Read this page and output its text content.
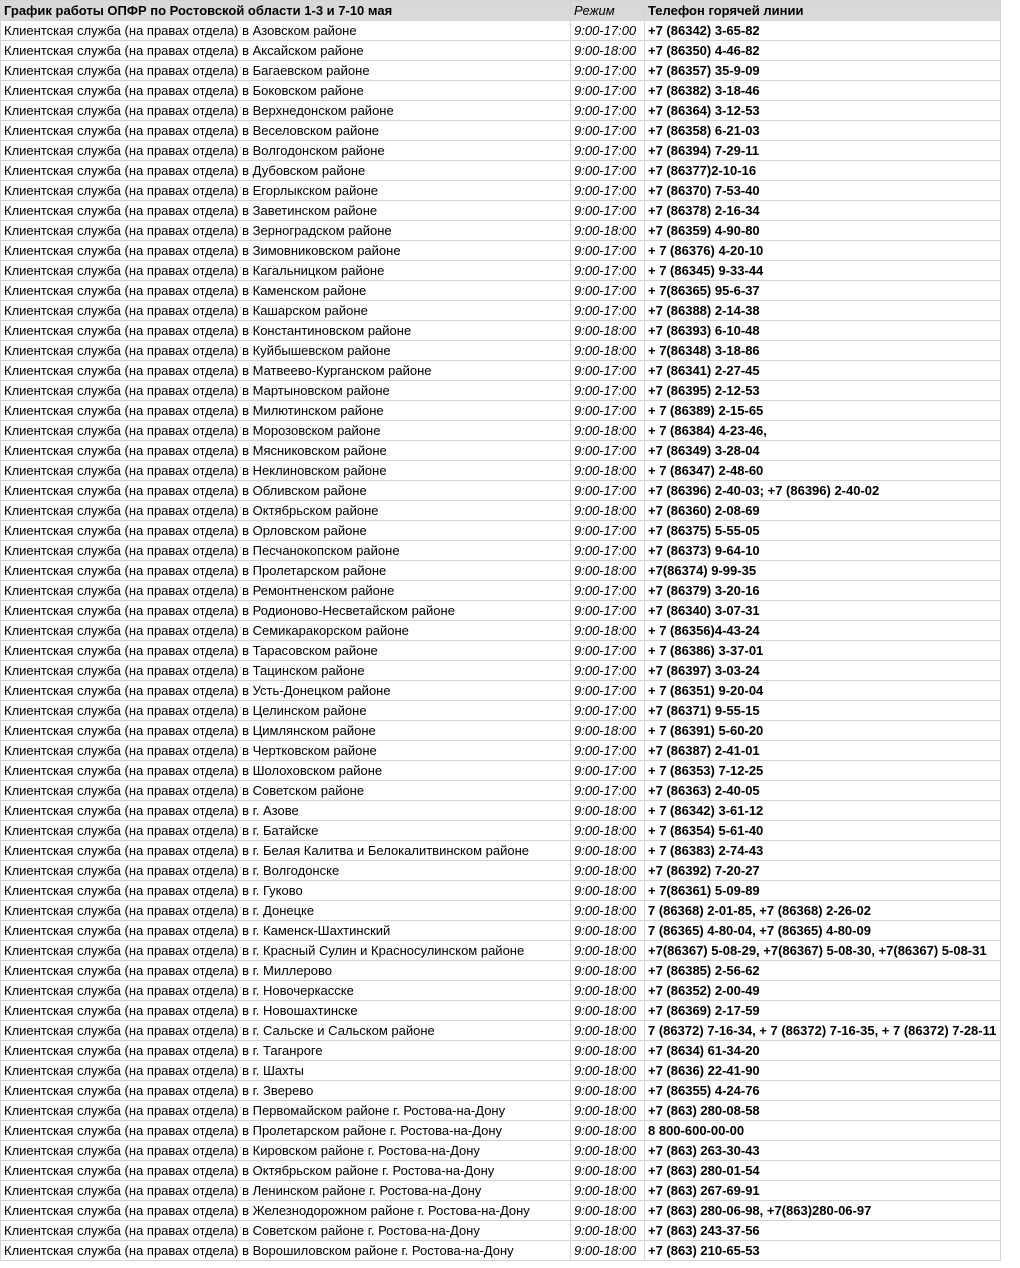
График работы ОПФР по Ростовской области 1-3 и 7-10 мая	Режим	Телефон горячей линии
Клиентская служба (на правах отдела) в Азовском районе	9:00-17:00	+7 (86342) 3-65-82
Клиентская служба (на правах отдела) в Аксайском районе	9:00-18:00	+7 (86350) 4-46-82
Клиентская служба (на правах отдела) в Багаевском районе	9:00-17:00	+7 (86357) 35-9-09
Клиентская служба (на правах отдела) в Боковском районе	9:00-17:00	+7 (86382) 3-18-46
Клиентская служба (на правах отдела) в Верхнедонском районе	9:00-17:00	+7 (86364) 3-12-53
Клиентская служба (на правах отдела) в Веселовском районе	9:00-17:00	+7 (86358) 6-21-03
Клиентская служба (на правах отдела) в Волгодонском районе	9:00-17:00	+7 (86394) 7-29-11
Клиентская служба (на правах отдела) в Дубовском районе	9:00-17:00	+7 (86377)2-10-16
Клиентская служба (на правах отдела) в Егорлыкском районе	9:00-17:00	+7 (86370) 7-53-40
Клиентская служба (на правах отдела) в Заветинском районе	9:00-17:00	+7 (86378) 2-16-34
Клиентская служба (на правах отдела) в Зерноградском районе	9:00-18:00	+7 (86359) 4-90-80
Клиентская служба (на правах отдела) в Зимовниковском районе	9:00-17:00	+ 7 (86376) 4-20-10
Клиентская служба (на правах отдела) в Кагальницком районе	9:00-17:00	+ 7 (86345) 9-33-44
Клиентская служба (на правах отдела) в Каменском районе	9:00-17:00	+ 7(86365) 95-6-37
Клиентская служба (на правах отдела) в Кашарском районе	9:00-17:00	+7 (86388) 2-14-38
Клиентская служба (на правах отдела) в Константиновском районе	9:00-18:00	+7 (86393) 6-10-48
Клиентская служба (на правах отдела) в Куйбышевском районе	9:00-18:00	+ 7(86348) 3-18-86
Клиентская служба (на правах отдела) в Матвеево-Курганском районе	9:00-17:00	+7 (86341) 2-27-45
Клиентская служба (на правах отдела) в Мартыновском районе	9:00-17:00	+7 (86395) 2-12-53
Клиентская служба (на правах отдела) в Милютинском районе	9:00-17:00	+ 7 (86389) 2-15-65
Клиентская служба (на правах отдела) в Морозовском районе	9:00-18:00	+ 7 (86384) 4-23-46,
Клиентская служба (на правах отдела) в Мясниковском районе	9:00-17:00	+7 (86349) 3-28-04
Клиентская служба (на правах отдела) в Неклиновском районе	9:00-18:00	+ 7 (86347) 2-48-60
Клиентская служба (на правах отдела) в Обливском районе	9:00-17:00	+7 (86396) 2-40-03; +7 (86396) 2-40-02
Клиентская служба (на правах отдела) в Октябрьском районе	9:00-18:00	+7 (86360) 2-08-69
Клиентская служба (на правах отдела) в Орловском районе	9:00-17:00	+7 (86375) 5-55-05
Клиентская служба (на правах отдела) в Песчанокопском районе	9:00-17:00	+7 (86373) 9-64-10
Клиентская служба (на правах отдела) в Пролетарском районе	9:00-18:00	+7(86374) 9-99-35
Клиентская служба (на правах отдела) в Ремонтненском районе	9:00-17:00	+7 (86379) 3-20-16
Клиентская служба (на правах отдела) в Родионово-Несветайском районе	9:00-17:00	+7 (86340) 3-07-31
Клиентская служба (на правах отдела) в Семикаракорском районе	9:00-18:00	+ 7 (86356)4-43-24
Клиентская служба (на правах отдела) в Тарасовском районе	9:00-17:00	+ 7 (86386) 3-37-01
Клиентская служба (на правах отдела) в Тацинском районе	9:00-17:00	+7 (86397) 3-03-24
Клиентская служба (на правах отдела) в Усть-Донецком районе	9:00-17:00	+ 7 (86351) 9-20-04
Клиентская служба (на правах отдела) в Целинском районе	9:00-17:00	+7 (86371) 9-55-15
Клиентская служба (на правах отдела) в Цимлянском районе	9:00-18:00	+ 7 (86391) 5-60-20
Клиентская служба (на правах отдела) в Чертковском районе	9:00-17:00	+7 (86387) 2-41-01
Клиентская служба (на правах отдела) в Шолоховском районе	9:00-17:00	+ 7 (86353) 7-12-25
Клиентская служба (на правах отдела) в Советском районе	9:00-17:00	+7 (86363) 2-40-05
Клиентская служба (на правах отдела) в г. Азове	9:00-18:00	+ 7 (86342) 3-61-12
Клиентская служба (на правах отдела) в г. Батайске	9:00-18:00	+ 7 (86354) 5-61-40
Клиентская служба (на правах отдела) в г. Белая Калитва и Белокалитвинском районе	9:00-18:00	+ 7 (86383) 2-74-43
Клиентская служба (на правах отдела) в г. Волгодонске	9:00-18:00	+7 (86392) 7-20-27
Клиентская служба (на правах отдела) в г. Гуково	9:00-18:00	+ 7(86361) 5-09-89
Клиентская служба (на правах отдела) в г. Донецке	9:00-18:00	7 (86368) 2-01-85, +7 (86368) 2-26-02
Клиентская служба (на правах отдела) в г. Каменск-Шахтинский	9:00-18:00	7 (86365) 4-80-04, +7 (86365) 4-80-09
Клиентская служба (на правах отдела) в г. Красный Сулин и Красносулинском районе	9:00-18:00	+7(86367) 5-08-29, +7(86367) 5-08-30, +7(86367) 5-08-31
Клиентская служба (на правах отдела) в г. Миллерово	9:00-18:00	+7 (86385) 2-56-62
Клиентская служба (на правах отдела) в г. Новочеркасске	9:00-18:00	+7 (86352) 2-00-49
Клиентская служба (на правах отдела) в г. Новошахтинске	9:00-18:00	+7 (86369) 2-17-59
Клиентская служба (на правах отдела) в г. Сальске и Сальском районе	9:00-18:00	7 (86372) 7-16-34, + 7 (86372) 7-16-35, + 7 (86372) 7-28-11
Клиентская служба (на правах отдела) в г. Таганроге	9:00-18:00	+7 (8634) 61-34-20
Клиентская служба (на правах отдела) в г. Шахты	9:00-18:00	+7 (8636) 22-41-90
Клиентская служба (на правах отдела) в г. Зверево	9:00-18:00	+7 (86355) 4-24-76
Клиентская служба (на правах отдела) в Первомайском районе г. Ростова-на-Дону	9:00-18:00	+7 (863) 280-08-58
Клиентская служба (на правах отдела) в Пролетарском районе г. Ростова-на-Дону	9:00-18:00	8 800-600-00-00
Клиентская служба (на правах отдела) в Кировском районе г. Ростова-на-Дону	9:00-18:00	+7 (863) 263-30-43
Клиентская служба (на правах отдела) в Октябрьском районе г. Ростова-на-Дону	9:00-18:00	+7 (863) 280-01-54
Клиентская служба (на правах отдела) в Ленинском районе г. Ростова-на-Дону	9:00-18:00	+7 (863) 267-69-91
Клиентская служба (на правах отдела) в Железнодорожном районе г. Ростова-на-Дону	9:00-18:00	+7 (863) 280-06-98, +7(863)280-06-97
Клиентская служба (на правах отдела) в Советском районе г. Ростова-на-Дону	9:00-18:00	+7 (863) 243-37-56
Клиентская служба (на правах отдела) в Ворошиловском районе г. Ростова-на-Дону	9:00-18:00	+7 (863) 210-65-53
